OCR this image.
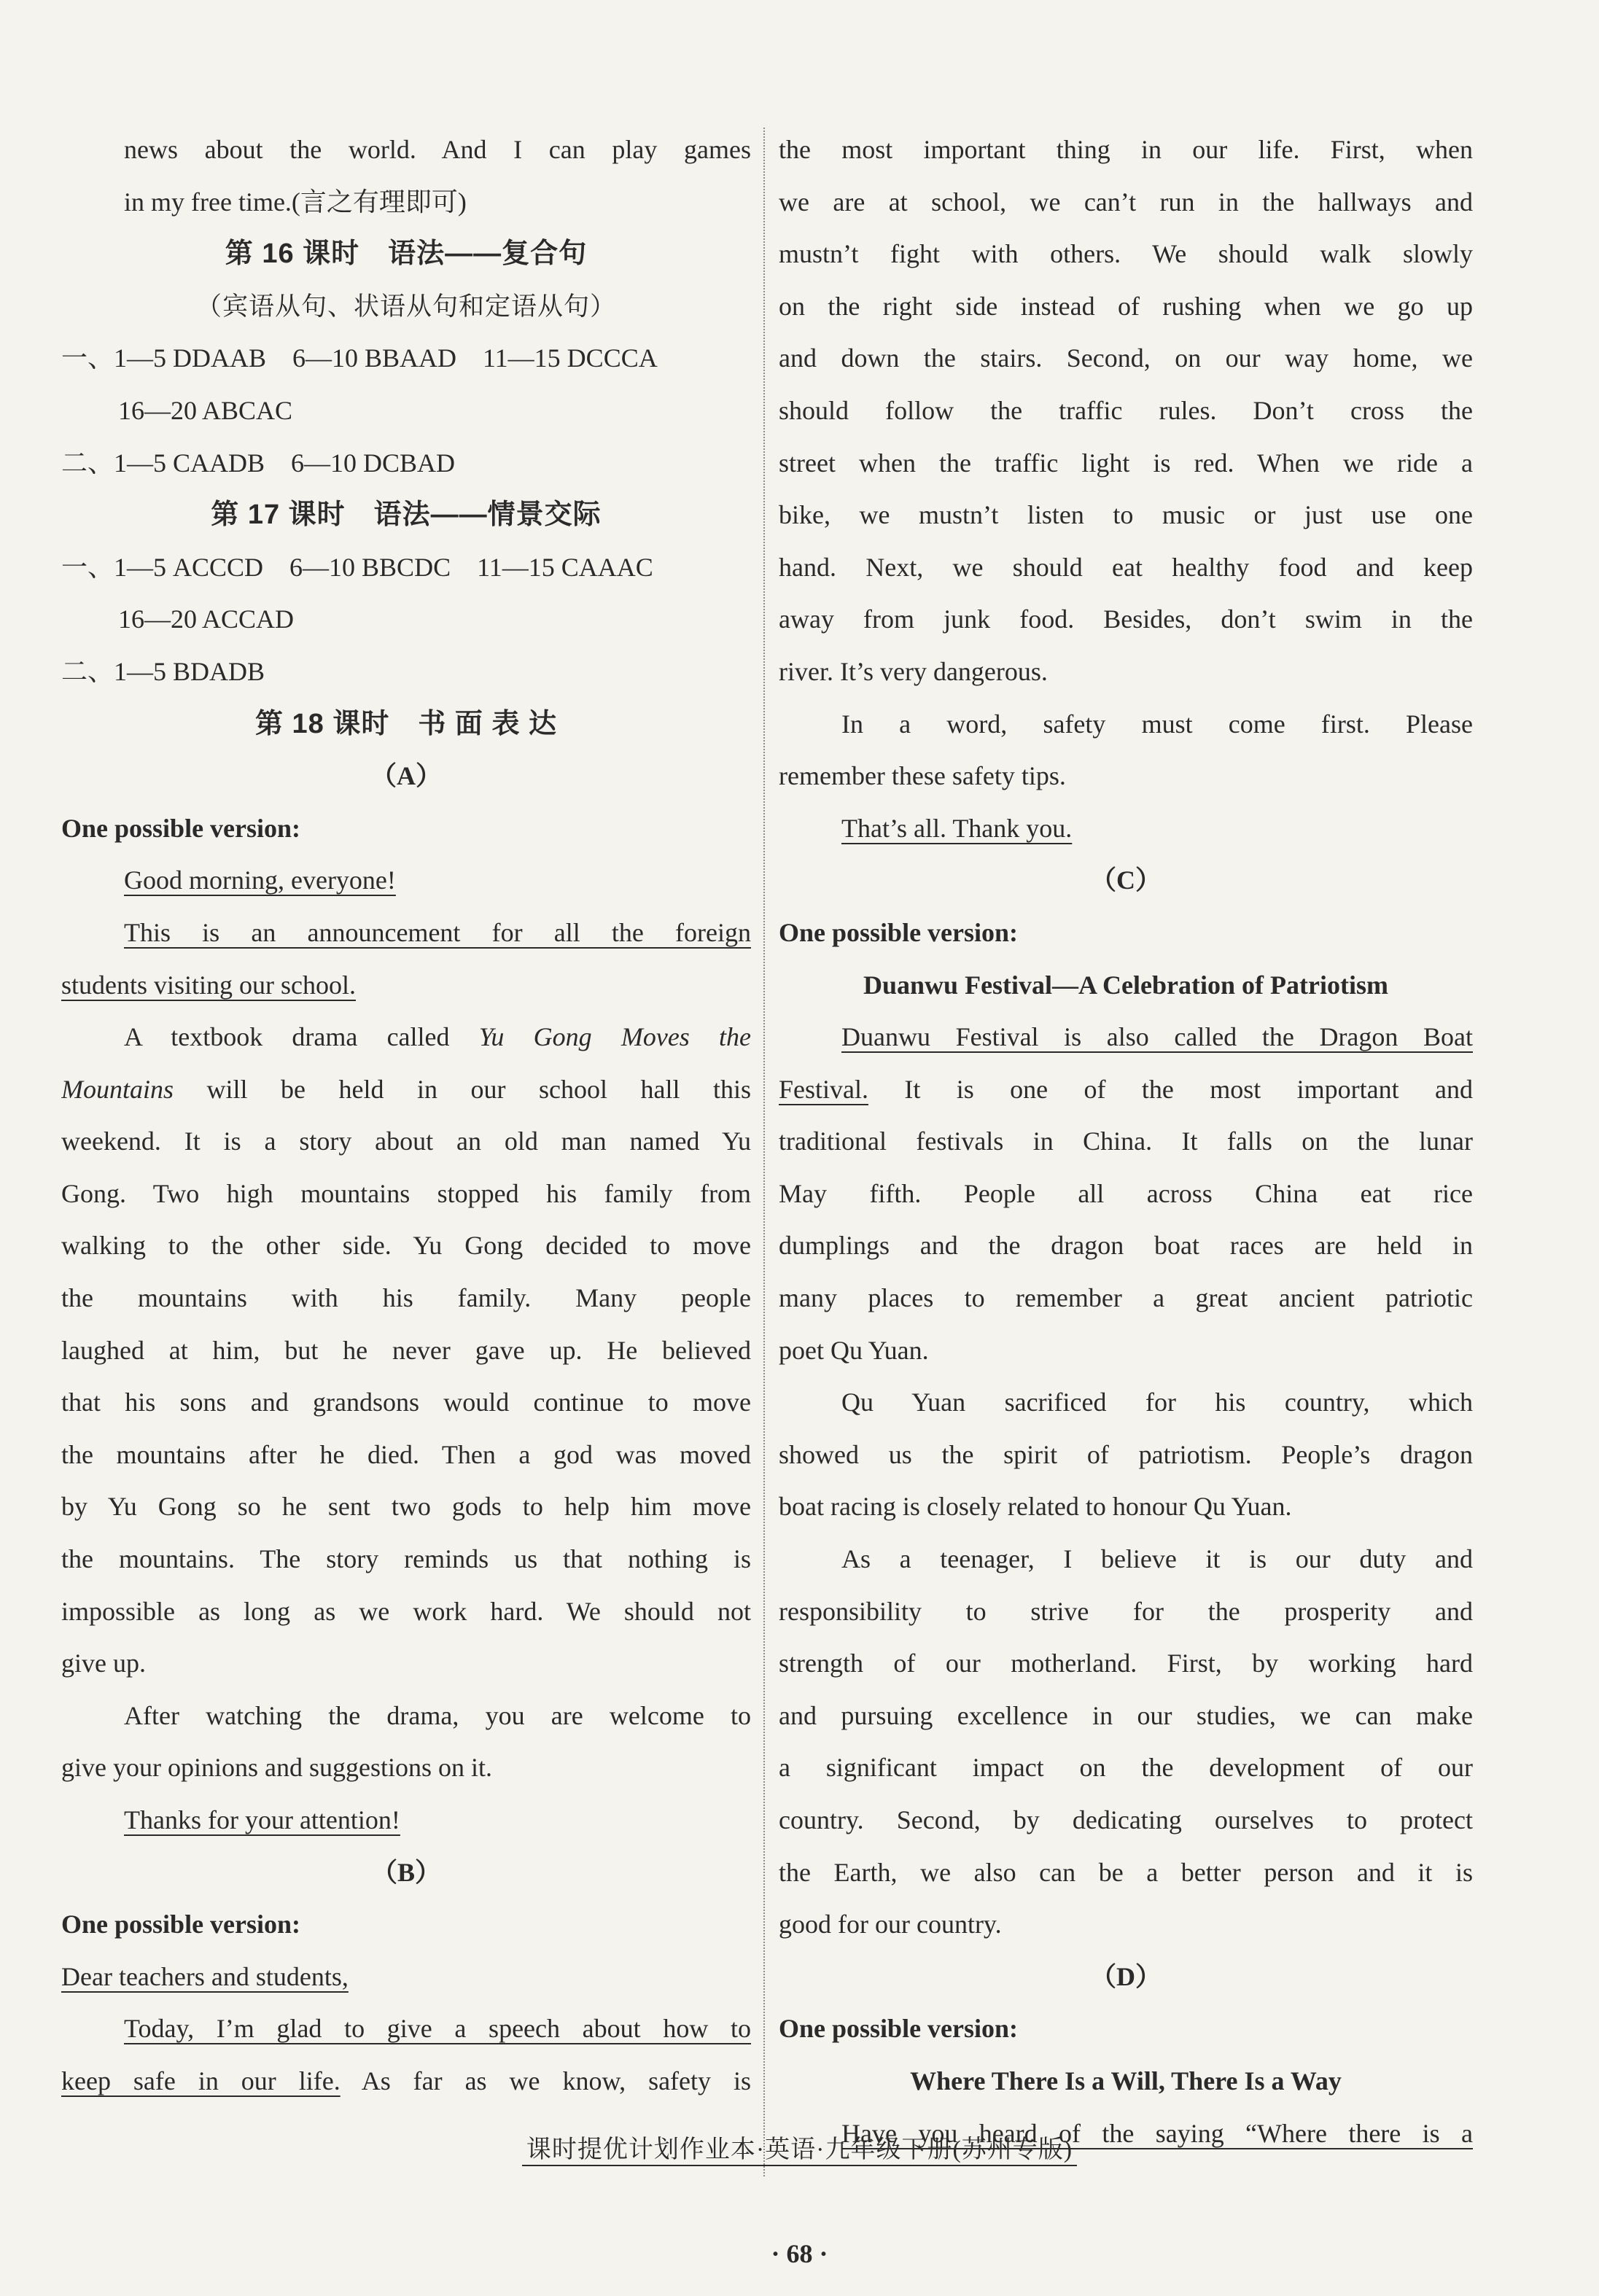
news about the world. And I can play games
in my free time.(言之有理即可)
第 16 课时　语法——复合句
（宾语从句、状语从句和定语从句）
一、1—5 DDAAB　6—10 BBAAD　11—15 DCCCA
16—20 ABCAC
二、1—5 CAADB　6—10 DCBAD
第 17 课时　语法——情景交际
一、1—5 ACCCD　6—10 BBCDC　11—15 CAAAC
16—20 ACCAD
二、1—5 BDADB
第 18 课时　书 面 表 达
（A）
One possible version:
Good morning, everyone!
This is an announcement for all the foreign
students visiting our school.
A textbook drama called Yu Gong Moves the
Mountains will be held in our school hall this
weekend. It is a story about an old man named Yu
Gong. Two high mountains stopped his family from
walking to the other side. Yu Gong decided to move
the mountains with his family. Many people
laughed at him, but he never gave up. He believed
that his sons and grandsons would continue to move
the mountains after he died. Then a god was moved
by Yu Gong so he sent two gods to help him move
the mountains. The story reminds us that nothing is
impossible as long as we work hard. We should not
give up.
After watching the drama, you are welcome to
give your opinions and suggestions on it.
Thanks for your attention!
（B）
One possible version:
Dear teachers and students,
Today, I’m glad to give a speech about how to
keep safe in our life. As far as we know, safety is
the most important thing in our life. First, when
we are at school, we can’t run in the hallways and
mustn’t fight with others. We should walk slowly
on the right side instead of rushing when we go up
and down the stairs. Second, on our way home, we
should follow the traffic rules. Don’t cross the
street when the traffic light is red. When we ride a
bike, we mustn’t listen to music or just use one
hand. Next, we should eat healthy food and keep
away from junk food. Besides, don’t swim in the
river. It’s very dangerous.
In a word, safety must come first. Please
remember these safety tips.
That’s all. Thank you.
（C）
One possible version:
Duanwu Festival—A Celebration of Patriotism
Duanwu Festival is also called the Dragon Boat
Festival. It is one of the most important and
traditional festivals in China. It falls on the lunar
May fifth. People all across China eat rice
dumplings and the dragon boat races are held in
many places to remember a great ancient patriotic
poet Qu Yuan.
Qu Yuan sacrificed for his country, which
showed us the spirit of patriotism. People’s dragon
boat racing is closely related to honour Qu Yuan.
As a teenager, I believe it is our duty and
responsibility to strive for the prosperity and
strength of our motherland. First, by working hard
and pursuing excellence in our studies, we can make
a significant impact on the development of our
country. Second, by dedicating ourselves to protect
the Earth, we also can be a better person and it is
good for our country.
（D）
One possible version:
Where There Is a Will, There Is a Way
Have you heard of the saying “Where there is a
课时提优计划作业本·英语·九年级下册(苏州专版)
· 68 ·
